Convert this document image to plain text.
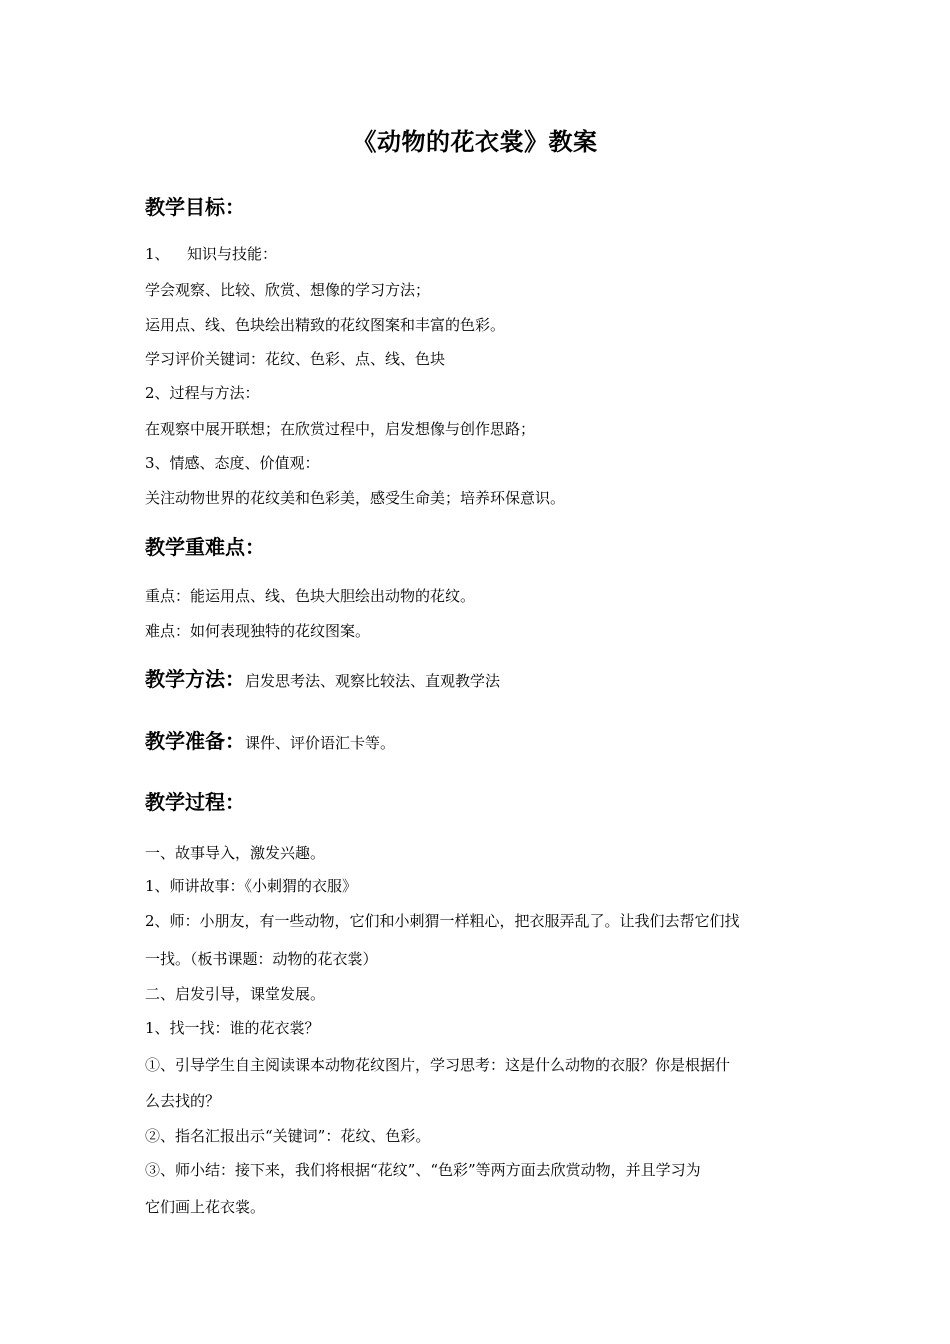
《动物的花衣裳》教案
教学目标：
1、 知识与技能：
学会观察、比较、欣赏、想像的学习方法；
运用点、线、色块绘出精致的花纹图案和丰富的色彩。
学习评价关键词：花纹、色彩、点、线、色块
2、过程与方法：
在观察中展开联想；在欣赏过程中，启发想像与创作思路；
3、情感、态度、价值观：
关注动物世界的花纹美和色彩美，感受生命美；培养环保意识。
教学重难点：
重点：能运用点、线、色块大胆绘出动物的花纹。
难点：如何表现独特的花纹图案。
教学方法：启发思考法、观察比较法、直观教学法
教学准备：课件、评价语汇卡等。
教学过程：
一、故事导入，激发兴趣。
1、师讲故事：《小刺猬的衣服》
2、师：小朋友，有一些动物，它们和小刺猬一样粗心，把衣服弄乱了。让我们去帮它们找
一找。（板书课题：动物的花衣裳）
二、启发引导，课堂发展。
1、找一找：谁的花衣裳？
①、引导学生自主阅读课本动物花纹图片，学习思考：这是什么动物的衣服？你是根据什
么去找的？
②、指名汇报出示“关键词”：花纹、色彩。
③、师小结：接下来，我们将根据“花纹”、“色彩”等两方面去欣赏动物，并且学习为
它们画上花衣裳。
